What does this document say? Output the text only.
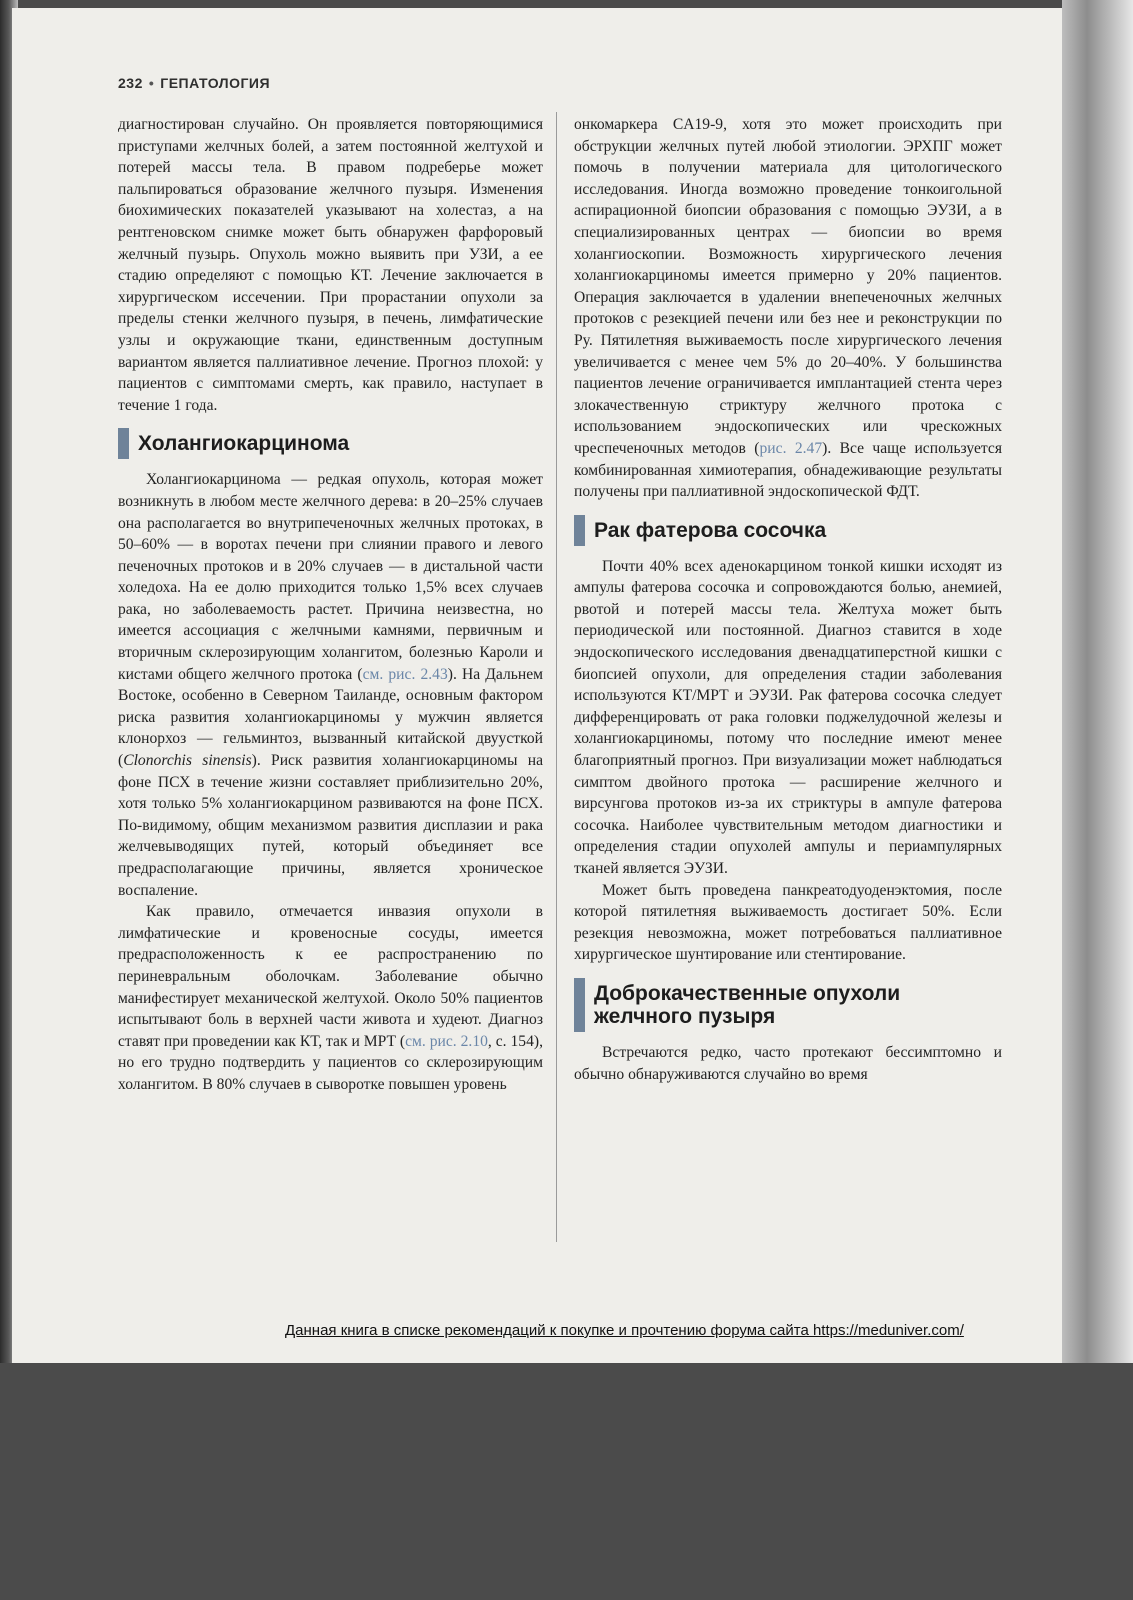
232 • ГЕПАТОЛОГИЯ

диагностирован случайно. Он проявляется повторяющимися приступами желчных болей, а затем постоянной желтухой и потерей массы тела. В правом подреберье может пальпироваться образование желчного пузыря. Изменения биохимических показателей указывают на холестаз, а на рентгеновском снимке может быть обнаружен фарфоровый желчный пузырь. Опухоль можно выявить при УЗИ, а ее стадию определяют с помощью КТ. Лечение заключается в хирургическом иссечении. При прорастании опухоли за пределы стенки желчного пузыря, в печень, лимфатические узлы и окружающие ткани, единственным доступным вариантом является паллиативное лечение. Прогноз плохой: у пациентов с симптомами смерть, как правило, наступает в течение 1 года.

Холангиокарцинома

Холангиокарцинома — редкая опухоль, которая может возникнуть в любом месте желчного дерева: в 20–25% случаев она располагается во внутрипеченочных желчных протоках, в 50–60% — в воротах печени при слиянии правого и левого печеночных протоков и в 20% случаев — в дистальной части холедоха. На ее долю приходится только 1,5% всех случаев рака, но заболеваемость растет. Причина неизвестна, но имеется ассоциация с желчными камнями, первичным и вторичным склерозирующим холангитом, болезнью Кароли и кистами общего желчного протока (см. рис. 2.43). На Дальнем Востоке, особенно в Северном Таиланде, основным фактором риска развития холангиокарциномы у мужчин является клонорхоз — гельминтоз, вызванный китайской двуусткой (Clonorchis sinensis). Риск развития холангиокарциномы на фоне ПСХ в течение жизни составляет приблизительно 20%, хотя только 5% холангиокарцином развиваются на фоне ПСХ. По-видимому, общим механизмом развития дисплазии и рака желчевыводящих путей, который объединяет все предрасполагающие причины, является хроническое воспаление.

Как правило, отмечается инвазия опухоли в лимфатические и кровеносные сосуды, имеется предрасположенность к ее распространению по периневральным оболочкам. Заболевание обычно манифестирует механической желтухой. Около 50% пациентов испытывают боль в верхней части живота и худеют. Диагноз ставят при проведении как КТ, так и МРТ (см. рис. 2.10, с. 154), но его трудно подтвердить у пациентов со склерозирующим холангитом. В 80% случаев в сыворотке повышен уровень

онкомаркера CA19-9, хотя это может происходить при обструкции желчных путей любой этиологии. ЭРХПГ может помочь в получении материала для цитологического исследования. Иногда возможно проведение тонкоигольной аспирационной биопсии образования с помощью ЭУЗИ, а в специализированных центрах — биопсии во время холангиоскопии. Возможность хирургического лечения холангиокарциномы имеется примерно у 20% пациентов. Операция заключается в удалении внепеченочных желчных протоков с резекцией печени или без нее и реконструкции по Ру. Пятилетняя выживаемость после хирургического лечения увеличивается с менее чем 5% до 20–40%. У большинства пациентов лечение ограничивается имплантацией стента через злокачественную стриктуру желчного протока с использованием эндоскопических или чрескожных чреспеченочных методов (рис. 2.47). Все чаще используется комбинированная химиотерапия, обнадеживающие результаты получены при паллиативной эндоскопической ФДТ.

Рак фатерова сосочка

Почти 40% всех аденокарцином тонкой кишки исходят из ампулы фатерова сосочка и сопровождаются болью, анемией, рвотой и потерей массы тела. Желтуха может быть периодической или постоянной. Диагноз ставится в ходе эндоскопического исследования двенадцатиперстной кишки с биопсией опухоли, для определения стадии заболевания используются КТ/МРТ и ЭУЗИ. Рак фатерова сосочка следует дифференцировать от рака головки поджелудочной железы и холангиокарциномы, потому что последние имеют менее благоприятный прогноз. При визуализации может наблюдаться симптом двойного протока — расширение желчного и вирсунгова протоков из-за их стриктуры в ампуле фатерова сосочка. Наиболее чувствительным методом диагностики и определения стадии опухолей ампулы и периампулярных тканей является ЭУЗИ.

Может быть проведена панкреатодуоденэктомия, после которой пятилетняя выживаемость достигает 50%. Если резекция невозможна, может потребоваться паллиативное хирургическое шунтирование или стентирование.

Доброкачественные опухоли желчного пузыря

Встречаются редко, часто протекают бессимптомно и обычно обнаруживаются случайно во время

Данная книга в списке рекомендаций к покупке и прочтению форума сайта https://meduniver.com/
